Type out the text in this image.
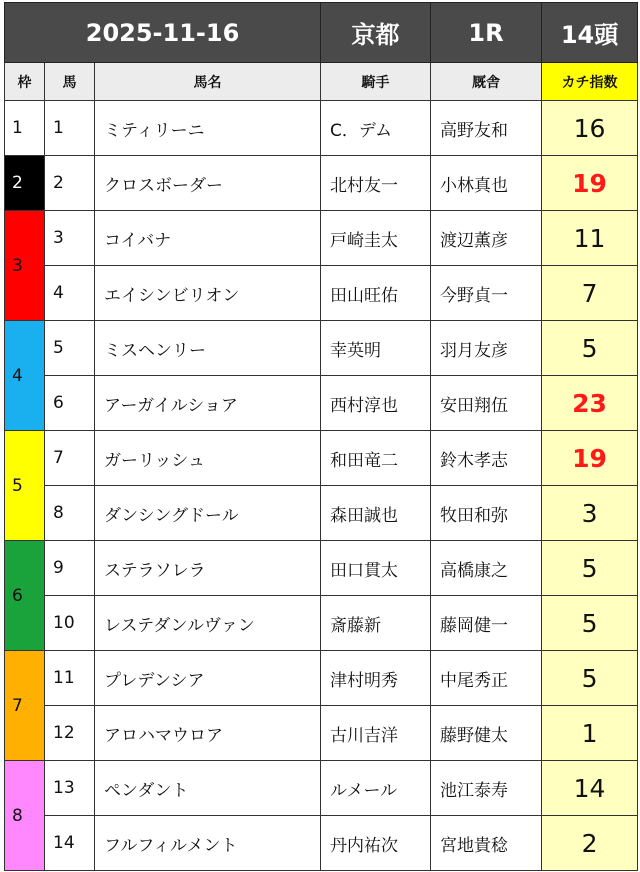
2025-11-16			京都	1R	14頭
枠	馬	馬名	騎手	厩舎	カチ指数
1	1	ミティリーニ	C．デム	高野友和	16
2	2	クロスボーダー	北村友一	小林真也	19
3	3	コイバナ	戸崎圭太	渡辺薫彦	11
	4	エイシンビリオン	田山旺佑	今野貞一	7
4	5	ミスヘンリー	幸英明	羽月友彦	5
	6	アーガイルショア	西村淳也	安田翔伍	23
5	7	ガーリッシュ	和田竜二	鈴木孝志	19
	8	ダンシングドール	森田誠也	牧田和弥	3
6	9	ステラソレラ	田口貫太	高橋康之	5
	10	レステダンルヴァン	斎藤新	藤岡健一	5
7	11	プレデンシア	津村明秀	中尾秀正	5
	12	アロハマウロア	古川吉洋	藤野健太	1
8	13	ペンダント	ルメール	池江泰寿	14
	14	フルフィルメント	丹内祐次	宮地貴稔	2
